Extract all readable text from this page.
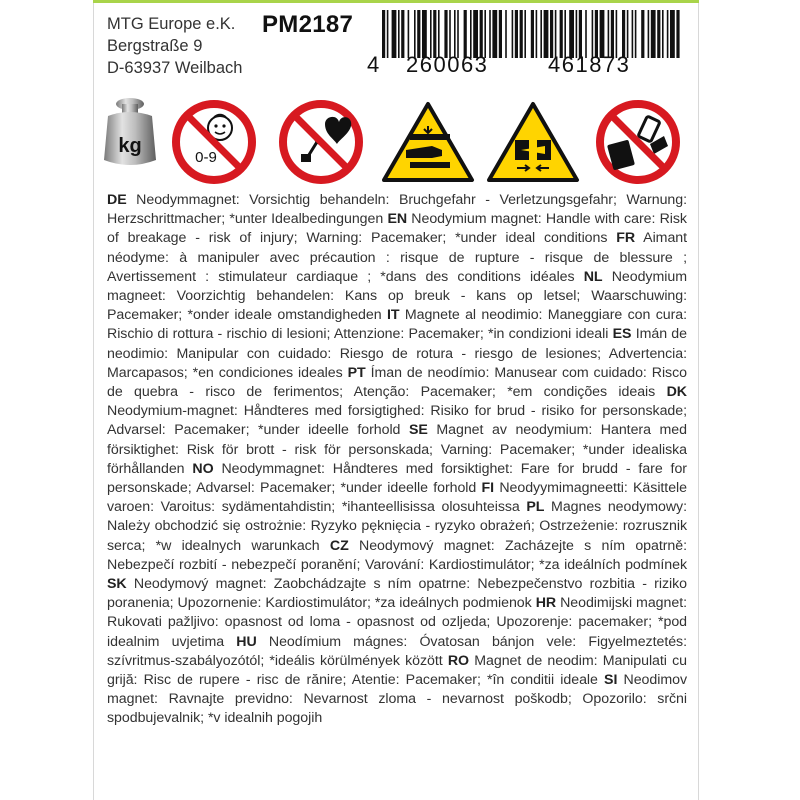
MTG Europe e.K.
Bergstraße 9
D-63937 Weilbach
PM2187
4 260063	461873
kg
0-9
DE Neodymmagnet: Vorsichtig behandeln: Bruchgefahr - Verletzungsgefahr; Warnung: Herzschrittmacher; *unter Idealbedingungen EN Neodymium magnet: Handle with care: Risk of breakage - risk of injury; Warning: Pacemaker; *under ideal conditions FR Aimant néodyme: à manipuler avec précaution : risque de rupture - risque de blessure ; Avertissement : stimulateur cardiaque ; *dans des conditions idéales NL Neodymium magneet: Voorzichtig behandelen: Kans op breuk - kans op letsel; Waarschuwing: Pacemaker; *onder ideale omstandigheden IT Magnete al neodimio: Maneggiare con cura: Rischio di rottura - rischio di lesioni; Attenzione: Pacemaker; *in condizioni ideali ES Imán de neodimio: Manipular con cuidado: Riesgo de rotura - riesgo de lesiones; Advertencia: Marcapasos; *en condiciones ideales PT Íman de neodímio: Manusear com cuidado: Risco de quebra - risco de ferimentos; Atenção: Pacemaker; *em condições ideais DK Neodymium-magnet: Håndteres med forsigtighed: Risiko for brud - risiko for personskade; Advarsel: Pacemaker; *under ideelle forhold SE Magnet av neodymium: Hantera med försiktighet: Risk för brott - risk för personskada; Varning: Pacemaker; *under idealiska förhållanden NO Neodymmagnet: Håndteres med forsiktighet: Fare for brudd - fare for personskade; Advarsel: Pacemaker; *under ideelle forhold FI Neodyymimagneetti: Käsittele varoen: Varoitus: sydämentahdistin; *ihanteellisissa olosuhteissa PL Magnes neodymowy: Należy obchodzić się ostrożnie: Ryzyko pęknięcia - ryzyko obrażeń; Ostrzeżenie: rozrusznik serca; *w idealnych warunkach CZ Neodymový magnet: Zacházejte s ním opatrně: Nebezpečí rozbití - nebezpečí poranění; Varování: Kardiostimulátor; *za ideálních podmínek SK Neodymový magnet: Zaobchádzajte s ním opatrne: Nebezpečenstvo rozbitia - riziko poranenia; Upozornenie: Kardiostimulátor; *za ideálnych podmienok HR Neodimijski magnet: Rukovati pažljivo: opasnost od loma - opasnost od ozljeda; Upozorenje: pacemaker; *pod idealnim uvjetima HU Neodímium mágnes: Óvatosan bánjon vele: Figyelmeztetés: szívritmus-szabályozótól; *ideális körülmények között RO Magnet de neodim: Manipulati cu grijă: Risc de rupere - risc de rănire; Atentie: Pacemaker; *în conditii ideale SI Neodimov magnet: Ravnajte previdno: Nevarnost zloma - nevarnost poškodb; Opozorilo: srčni spodbujevalnik; *v idealnih pogojih
